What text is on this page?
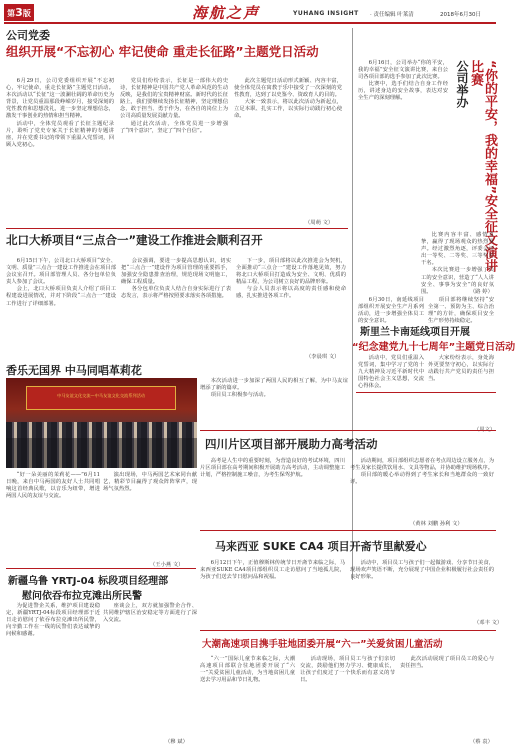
第3版	海航之声	YUHANG INSIGHT · 责任编辑 叶莱清	2018年6月30日
公司党委
组织开展“不忘初心 牢记使命 重走长征路”主题党日活动

6月29日，公司党委组织开展“不忘初心，牢记使命，重走长征路”主题党日活动。本次活动以“长征”这一波澜壮阔的革命历史为背景，让党员重温那段峥嵘岁月，接受深刻的党性教育和思想洗礼，进一步坚定理想信念，激发干事创业的热情和担当精神。

活动中，全体党员观看了长征主题纪录片，聆听了党史专家关于长征精神的专题讲座，并在党委书记的带领下重温入党誓词，回顾入党初心。

党员们纷纷表示，长征是一部伟大的史诗，长征精神是中国共产党人革命风范的生动反映，是我们的宝贵精神财富。新时代的长征路上，我们要继续发扬长征精神，坚定理想信念，敢于担当、勇于作为，在各自的岗位上为公司高质量发展贡献力量。

通过此次活动，全体党员进一步增强了“四个意识”，坚定了“四个自信”。

此次主题党日活动形式新颖、内容丰富，使全体党员在寓教于乐中接受了一次深刻的党性教育，达到了以史鉴今、资政育人的目的。

大家一致表示，将以此次活动为新起点，立足本职、扎实工作，以实际行动践行初心使命。

（周萌 文）
公司举办	“你的平安，我的幸福”安全征文演讲比赛

6月16日，公司举办“你的平安，我的幸福”安全征文演讲比赛，来自公司各项目部的选手参加了此次比赛。

比赛中，选手们结合自身工作经历，讲述身边的安全故事，表达对安全生产的深刻理解。

比赛内容丰富、感情真挚，赢得了现场观众的热烈掌声。经过激烈角逐，评委会评出一等奖、二等奖、三等奖若干名。

本次比赛进一步增强了员工的安全意识，营造了“人人讲安全、事事为安全”的良好氛围。	（路 婷）

6月30日，南延线项目部组织开展安全生产月系列活动，进一步增强全体员工的安全意识。

项目部将继续坚持“安全第一、预防为主、综合治理”的方针，确保项目安全生产形势持续稳定。

北口大桥项目“三点合一”建设工作推进会顺利召开

6月15日下午，公司北口大桥项目“安全、文明、质量”三点合一建设工作推进会在项目部会议室召开。项目部管理人员、各分包单位负责人参加了会议。

会上，北口大桥项目负责人介绍了项目工程建设进展情况，并对下阶段“三点合一”建设工作进行了详细部署。

会议强调，要进一步提高思想认识，切实把“三点合一”建设作为项目管理的重要抓手，加强安全隐患排查治理，规范现场文明施工，确保工程质量。

各分包单位负责人结合自身实际进行了表态发言，表示将严格按照要求落实各项措施。

下一步，项目部将以此次推进会为契机，全面推动“三点合一”建设工作落地见效，努力将北口大桥项目打造成为安全、文明、优质的精品工程，为公司树立良好的品牌形象。

与会人员表示将以高度的责任感和使命感，扎实推进各项工作。

（李晨琪 文）
香乐无国界 中马同唱革莉花
中马友谊文化交流—中马友谊文化交流系列活动

“好一朵美丽的茉莉花——”6月11日晚，来自中马两国的友好人士共同唱响这首经典民歌，以音乐为纽带，增进两国人民的友谊与交流。

演出现场，中马两国艺术家同台献艺，精彩节目赢得了观众阵阵掌声，现场气氛热烈。

本次活动进一步加深了两国人民的相互了解，为中马友谊增添了新的篇章。

项目员工积极参与活动。

（王小燕 文）
斯里兰卡南延线项目开展
“纪念建党九十七周年”主题党日活动

活动中，党员们重温入党誓词，集中学习了党的十九大精神及习近平新时代中国特色社会主义思想，交流心得体会。

大家纷纷表示，身处海外更要坚守初心，以实际行动践行共产党员的责任与担当。

四川片区项目部开展助力高考活动

高考是人生中的重要时刻，为营造良好的考试环境，四川片区项目部在高考期间积极开展助力高考活动，主动调整施工计划，严格控制施工噪音，为考生保驾护航。

活动期间，项目部组织志愿者在考点周边设立服务点，为考生及家长提供饮用水、文具等物品，并协助维护现场秩序。

项目部的暖心举动得到了考生家长和当地群众的一致好评。

（黄林 刘鹏 孙利 文）
马来西亚 SUKE CA4 项目开斋节里献爱心

6月12日下午，正值穆斯林传统节日开斋节来临之际，马来西亚SUKE CA4项目部组织员工走访慰问了当地孤儿院，为孩子们送去节日慰问品和祝福。

活动中，项目员工与孩子们一起做游戏、分享节日美食，现场欢声笑语不断，充分展现了中国企业积极履行社会责任的良好形象。

（邓丰 文）
新疆乌鲁 YRTJ-04 标段项目经理部
慰问依吞布拉克滩出所民警

为促进警企关系，维护项目建设稳定，新疆YRTJ-04标段项目经理部于近日走访慰问了依吞布拉克滩出所民警，向辛勤工作在一线的民警们表达诚挚的问候和感谢。

座谈会上，双方就加强警企合作、共同维护辖区治安稳定等方面进行了深入交流。

（穆 斌）
大潮高速项目携手驻地团委开展“六一”关爱贫困儿童活动

“六一”国际儿童节来临之际，大潮高速项目部联合驻地团委开展了“六一”关爱贫困儿童活动，为当地贫困儿童送去学习用品和节日礼物。

活动现场，项目员工与孩子们亲切交流，鼓励他们努力学习、健康成长，让孩子们度过了一个快乐而有意义的节日。

此次活动展现了项目员工的爱心与责任担当。

（蔡 袁）
